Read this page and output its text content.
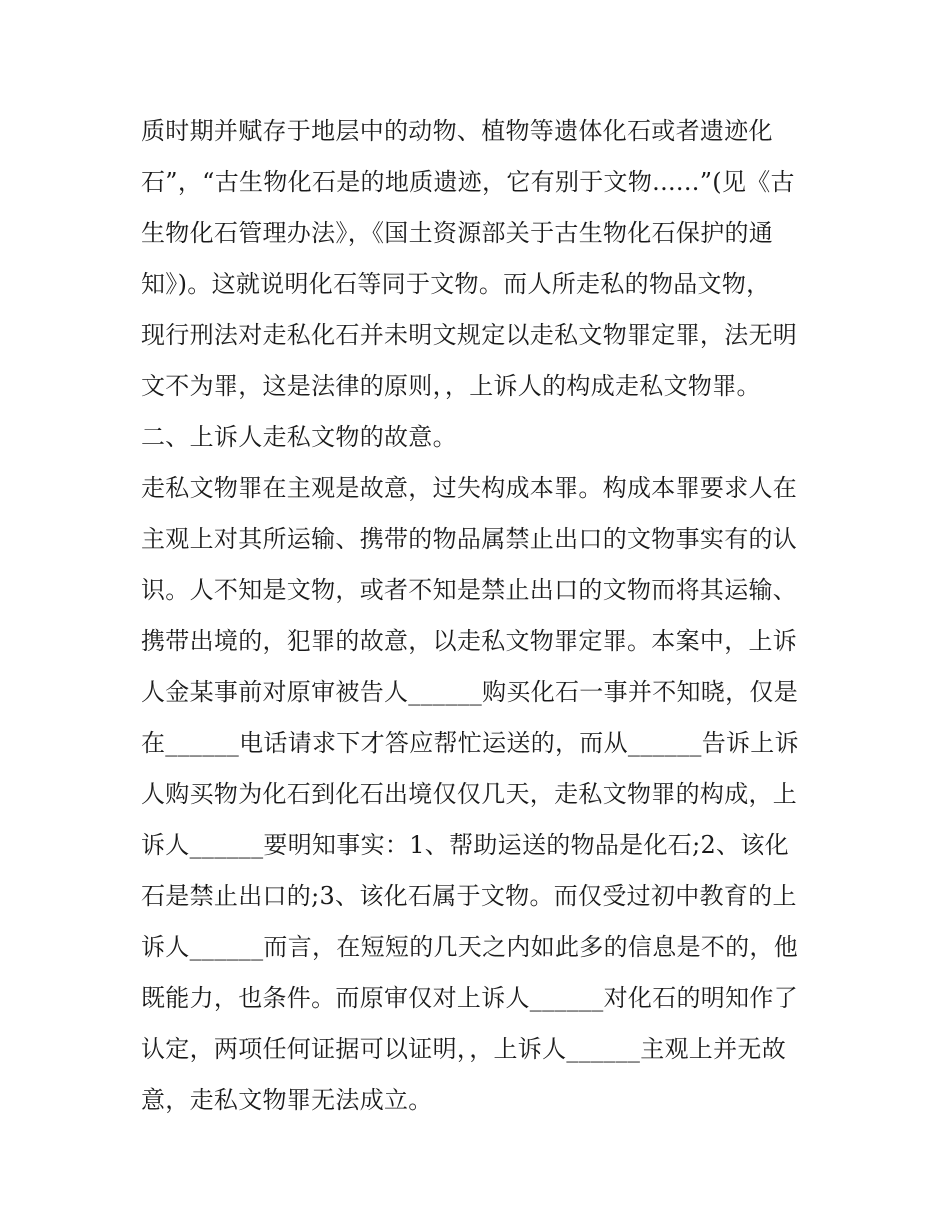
质时期并赋存于地层中的动物、植物等遗体化石或者遗迹化
石”，“古生物化石是的地质遗迹，它有别于文物......”(见《古
生物化石管理办法》，《国土资源部关于古生物化石保护的通
知》)。这就说明化石等同于文物。而人所走私的物品文物，
现行刑法对走私化石并未明文规定以走私文物罪定罪，法无明
文不为罪，这是法律的原则，，上诉人的构成走私文物罪。
二、上诉人走私文物的故意。
走私文物罪在主观是故意，过失构成本罪。构成本罪要求人在
主观上对其所运输、携带的物品属禁止出口的文物事实有的认
识。人不知是文物，或者不知是禁止出口的文物而将其运输、
携带出境的，犯罪的故意，以走私文物罪定罪。本案中，上诉
人金某事前对原审被告人______购买化石一事并不知晓，仅是
在______电话请求下才答应帮忙运送的，而从______告诉上诉
人购买物为化石到化石出境仅仅几天，走私文物罪的构成，上
诉人______要明知事实：1、帮助运送的物品是化石;2、该化
石是禁止出口的;3、该化石属于文物。而仅受过初中教育的上
诉人______而言，在短短的几天之内如此多的信息是不的，他
既能力，也条件。而原审仅对上诉人______对化石的明知作了
认定，两项任何证据可以证明，，上诉人______主观上并无故
意，走私文物罪无法成立。
